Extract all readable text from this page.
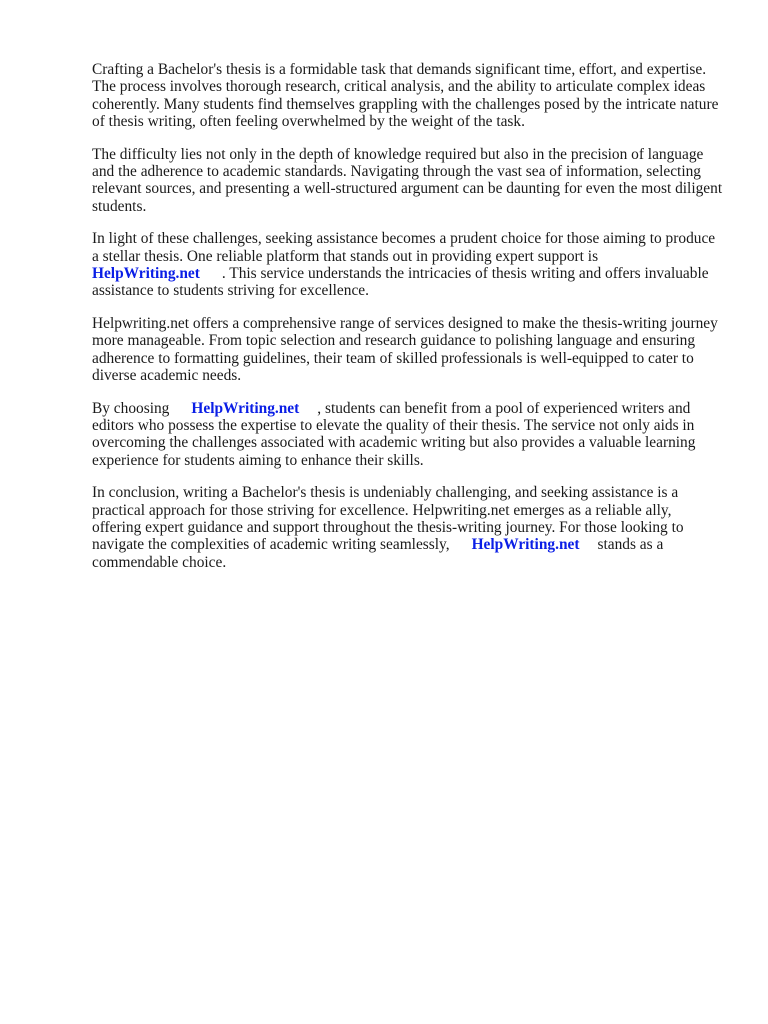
Crafting a Bachelor's thesis is a formidable task that demands significant time, effort, and expertise. The process involves thorough research, critical analysis, and the ability to articulate complex ideas coherently. Many students find themselves grappling with the challenges posed by the intricate nature of thesis writing, often feeling overwhelmed by the weight of the task.

The difficulty lies not only in the depth of knowledge required but also in the precision of language and the adherence to academic standards. Navigating through the vast sea of information, selecting relevant sources, and presenting a well-structured argument can be daunting for even the most diligent students.

In light of these challenges, seeking assistance becomes a prudent choice for those aiming to produce a stellar thesis. One reliable platform that stands out in providing expert support is
HelpWriting.net . This service understands the intricacies of thesis writing and offers invaluable assistance to students striving for excellence.

Helpwriting.net offers a comprehensive range of services designed to make the thesis-writing journey more manageable. From topic selection and research guidance to polishing language and ensuring adherence to formatting guidelines, their team of skilled professionals is well-equipped to cater to diverse academic needs.

By choosing HelpWriting.net , students can benefit from a pool of experienced writers and editors who possess the expertise to elevate the quality of their thesis. The service not only aids in overcoming the challenges associated with academic writing but also provides a valuable learning experience for students aiming to enhance their skills.

In conclusion, writing a Bachelor's thesis is undeniably challenging, and seeking assistance is a practical approach for those striving for excellence. Helpwriting.net emerges as a reliable ally, offering expert guidance and support throughout the thesis-writing journey. For those looking to navigate the complexities of academic writing seamlessly, HelpWriting.net stands as a commendable choice.
